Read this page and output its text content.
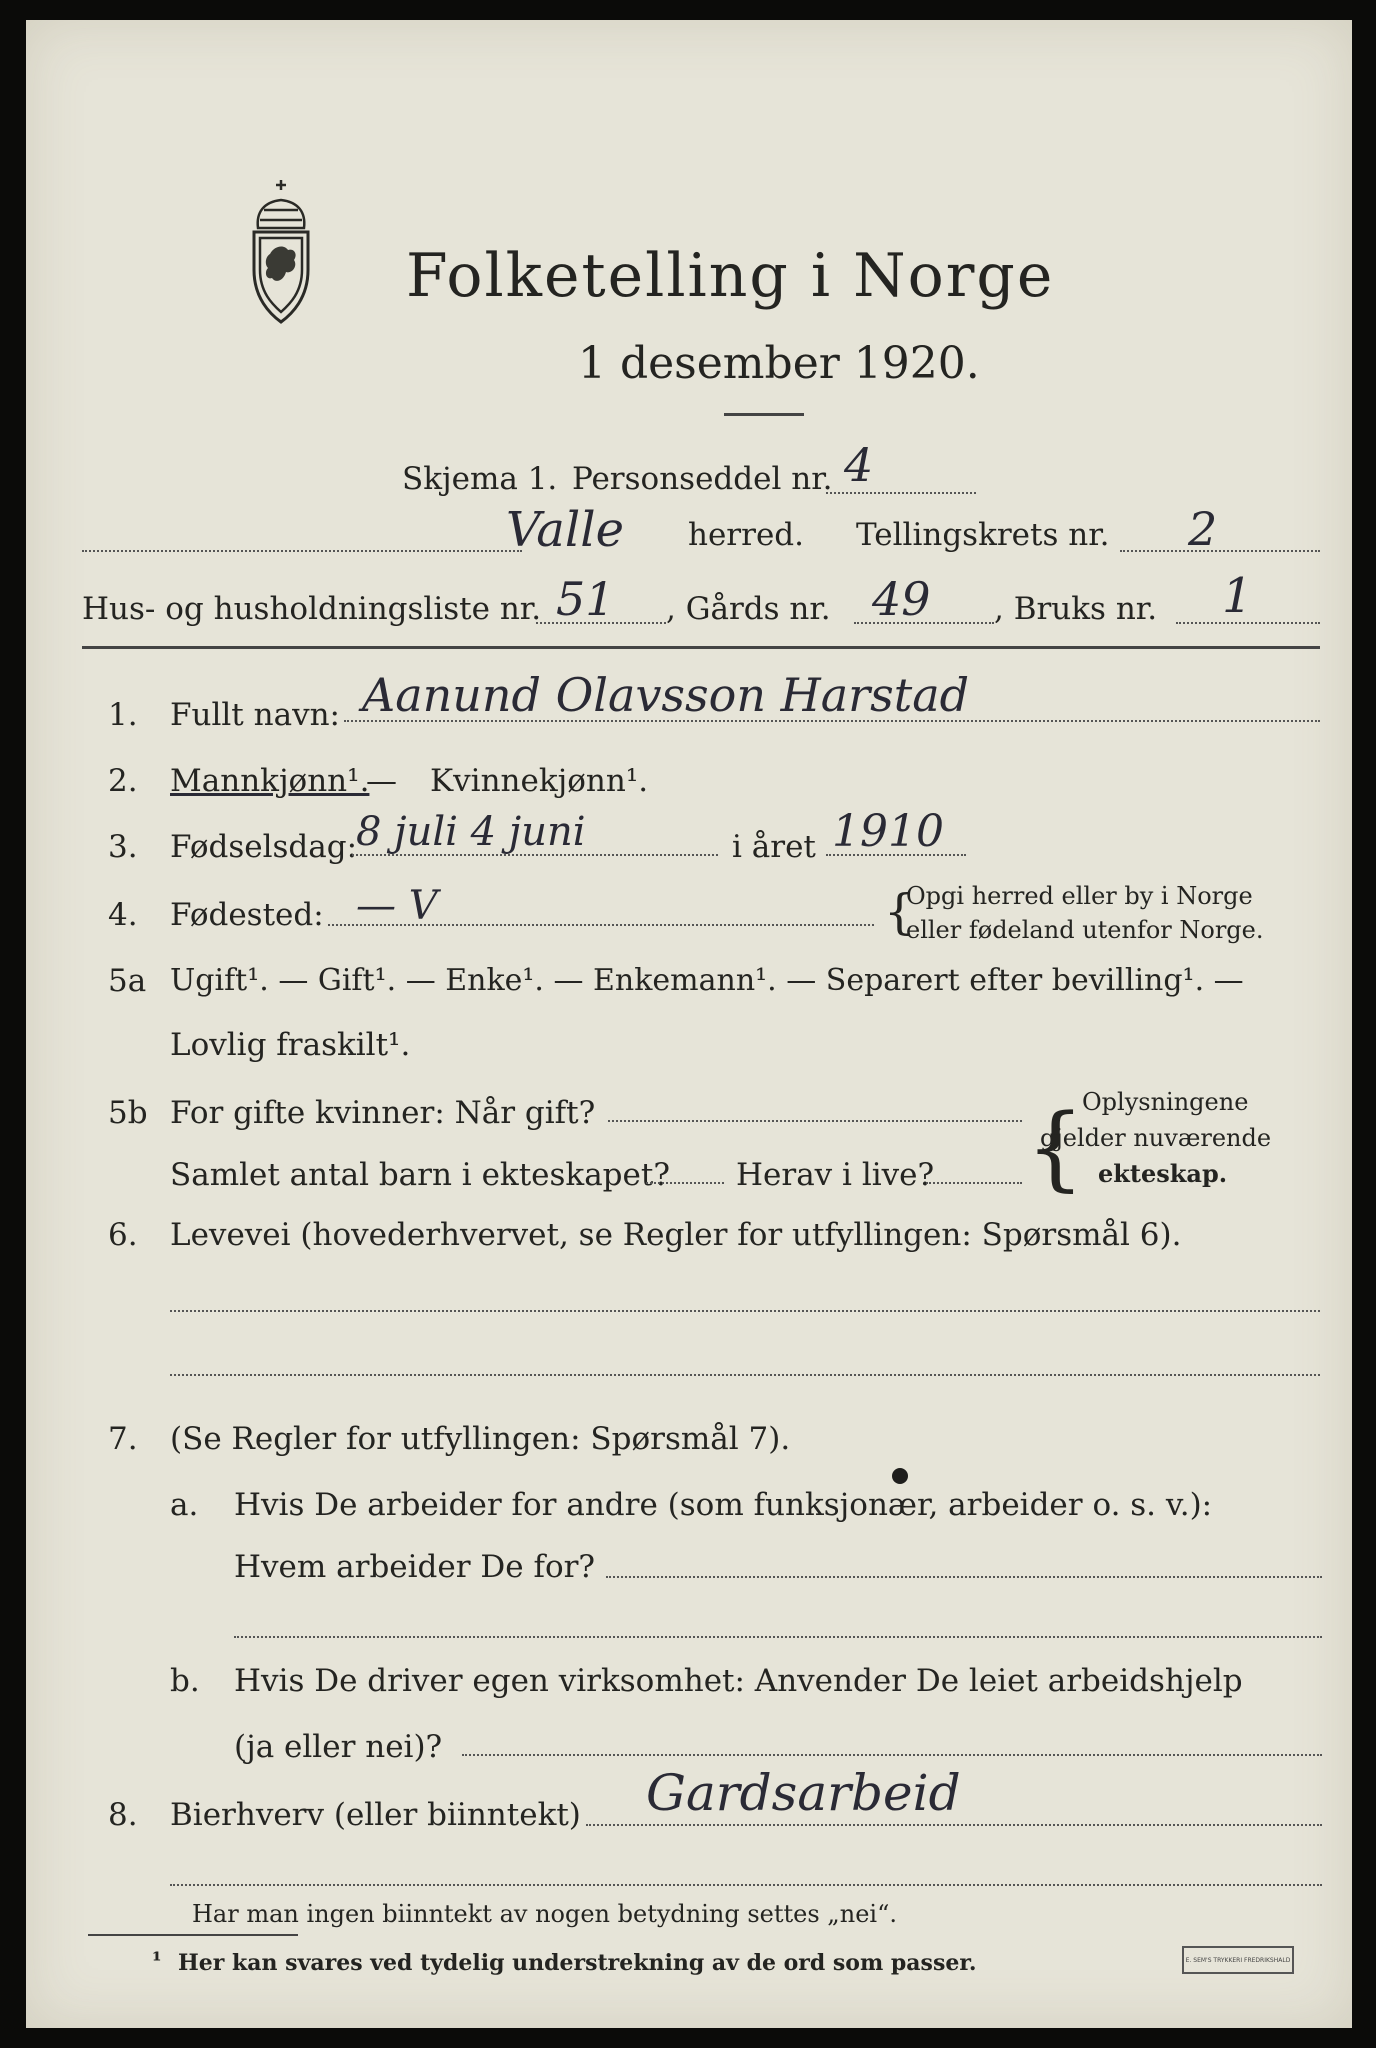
Folketelling i Norge
1 desember 1920.
Skjema 1. Personseddel nr. 4
Valle herred. Tellingskrets nr. 2
Hus- og husholdningsliste nr. 51 , Gårds nr. 49 , Bruks nr. 1
1. Fullt navn: Aanund Olavsson Harstad
2. Mannkjønn¹.
— Kvinnekjønn¹.
3. Fødselsdag:
8 juli 4 juni	i året 1910
4. Fødested: — V	{
Opgi herred eller by i Norge
eller fødeland utenfor Norge.
5a Ugift¹. — Gift¹. — Enke¹. — Enkemann¹. — Separert efter bevilling¹. —
Lovlig fraskilt¹.
5b For gifte kvinner: Når gift?
Samlet antal barn i ekteskapet? Herav i live? {
Oplysningene
gjelder nuværende
ekteskap.
6. Levevei (hovederhvervet, se Regler for utfyllingen: Spørsmål 6).
7. (Se Regler for utfyllingen: Spørsmål 7).
a. Hvis De arbeider for andre (som funksjonær, arbeider o. s. v.):
Hvem arbeider De for?
b. Hvis De driver egen virksomhet: Anvender De leiet arbeidshjelp
(ja eller nei)?
8. Bierhverv (eller biinntekt) Gardsarbeid
Har man ingen biinntekt av nogen betydning settes „nei“.
¹ Her kan svares ved tydelig understrekning av de ord som passer.	E. SEM'S TRYKKERI FREDRIKSHALD
